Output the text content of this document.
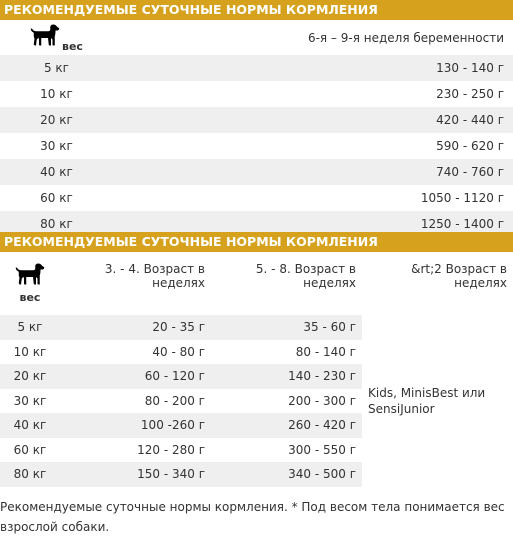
РЕКОМЕНДУЕМЫЕ СУТОЧНЫЕ НОРМЫ КОРМЛЕНИЯ
вес	6-я – 9-я неделя беременности
5 кг	130 - 140 г
10 кг	230 - 250 г
20 кг	420 - 440 г
30 кг	590 - 620 г
40 кг	740 - 760 г
60 кг	1050 - 1120 г
80 кг	1250 - 1400 г
РЕКОМЕНДУЕМЫЕ СУТОЧНЫЕ НОРМЫ КОРМЛЕНИЯ
вес	3. - 4. Возраст в неделях	5. - 8. Возраст в неделях	&rt;2 Возраст в неделях
5 кг	20 - 35 г	35 - 60 г	Kids, MinisBest или SensiJunior
10 кг	40 - 80 г	80 - 140 г	
20 кг	60 - 120 г	140 - 230 г	
30 кг	80 - 200 г	200 - 300 г	
40 кг	100 -260 г	260 - 420 г	
60 кг	120 - 280 г	300 - 550 г	
80 кг	150 - 340 г	340 - 500 г	
Рекомендуемые суточные нормы кормления. * Под весом тела понимается вес взрослой собаки.
